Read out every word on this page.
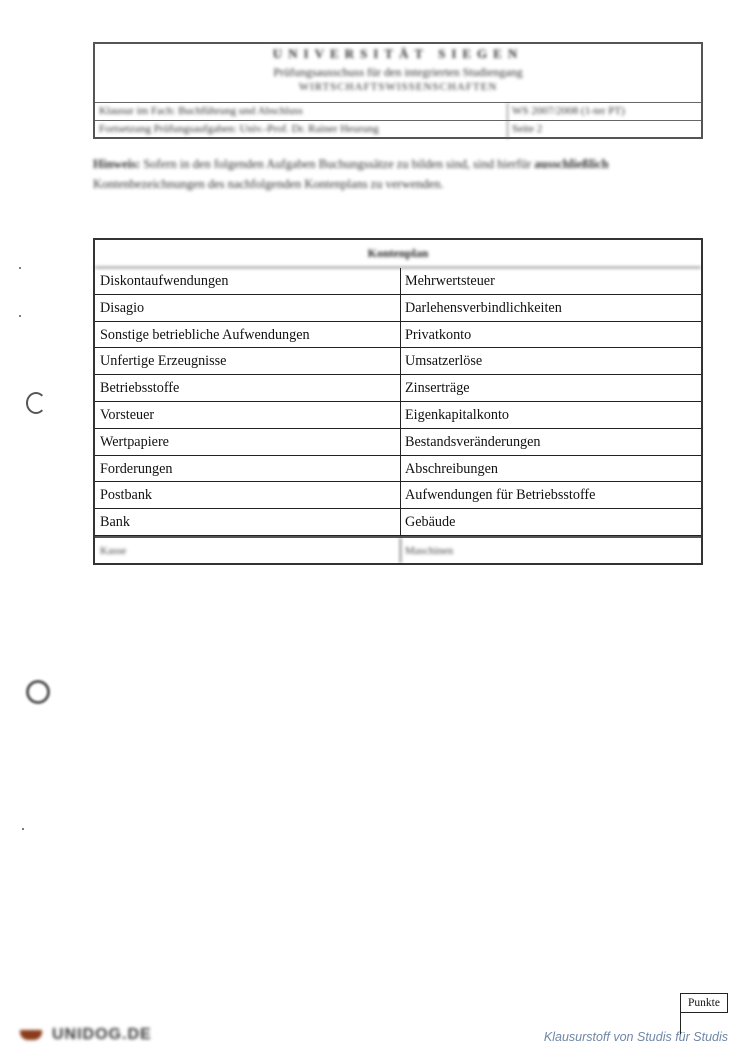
UNIVERSITÄT SIEGEN
Prüfungsausschuss für den integrierten Studiengang
WIRTSCHAFTSWISSENSCHAFTEN
Klausur im Fach: Buchführung und Abschluss	WS 2007/2008 (1-ter PT)
Fortsetzung Prüfungsaufgaben: Univ.-Prof. Dr. Rainer Heurung	Seite 2
Hinweis: Sofern in den folgenden Aufgaben Buchungssätze zu bilden sind, sind hierfür ausschließlich Kontenbezeichnungen des nachfolgenden Kontenplans zu verwenden.
Kontenplan
Diskontaufwendungen	Mehrwertsteuer
Disagio	Darlehensverbindlichkeiten
Sonstige betriebliche Aufwendungen	Privatkonto
Unfertige Erzeugnisse	Umsatzerlöse
Betriebsstoffe	Zinserträge
Vorsteuer	Eigenkapitalkonto
Wertpapiere	Bestandsveränderungen
Forderungen	Abschreibungen
Postbank	Aufwendungen für Betriebsstoffe
Bank	Gebäude
Kasse	Maschinen
Punkte
UNIDOG.DE	Klausurstoff von Studis für Studis
